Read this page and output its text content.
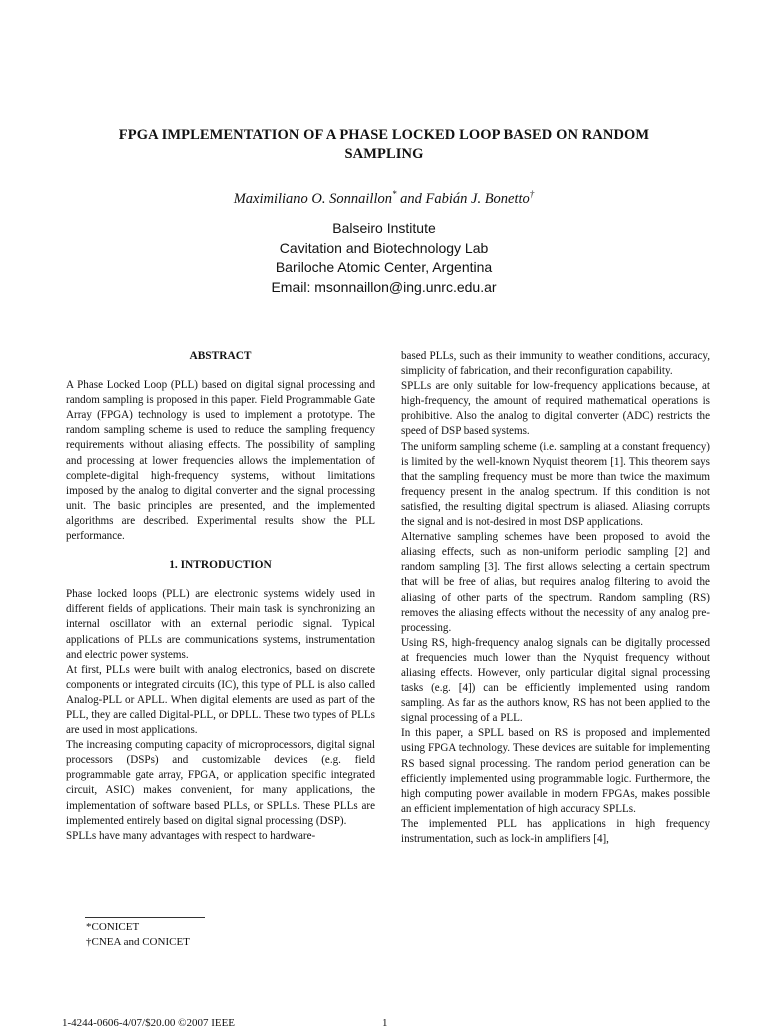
FPGA IMPLEMENTATION OF A PHASE LOCKED LOOP BASED ON RANDOM
SAMPLING
Maximiliano O. Sonnaillon* and Fabián J. Bonetto†
Balseiro Institute
Cavitation and Biotechnology Lab
Bariloche Atomic Center, Argentina
Email: msonnaillon@ing.unrc.edu.ar

ABSTRACT

A Phase Locked Loop (PLL) based on digital signal processing and random sampling is proposed in this paper. Field Programmable Gate Array (FPGA) technology is used to implement a prototype. The random sampling scheme is used to reduce the sampling frequency requirements without aliasing effects. The possibility of sampling and processing at lower frequencies allows the implementation of complete-digital high-frequency systems, without limitations imposed by the analog to digital converter and the signal processing unit. The basic principles are presented, and the implemented algorithms are described. Experimental results show the PLL performance.

1. INTRODUCTION

Phase locked loops (PLL) are electronic systems widely used in different fields of applications. Their main task is synchronizing an internal oscillator with an external periodic signal. Typical applications of PLLs are communications systems, instrumentation and electric power systems.

At first, PLLs were built with analog electronics, based on discrete components or integrated circuits (IC), this type of PLL is also called Analog-PLL or APLL. When digital elements are used as part of the PLL, they are called Digital-PLL, or DPLL. These two types of PLLs are used in most applications.

The increasing computing capacity of microprocessors, digital signal processors (DSPs) and customizable devices (e.g. field programmable gate array, FPGA, or application specific integrated circuit, ASIC) makes convenient, for many applications, the implementation of software based PLLs, or SPLLs. These PLLs are implemented entirely based on digital signal processing (DSP).

SPLLs have many advantages with respect to hardware-

based PLLs, such as their immunity to weather conditions, accuracy, simplicity of fabrication, and their reconfiguration capability.

SPLLs are only suitable for low-frequency applications because, at high-frequency, the amount of required mathematical operations is prohibitive. Also the analog to digital converter (ADC) restricts the speed of DSP based systems.

The uniform sampling scheme (i.e. sampling at a constant frequency) is limited by the well-known Nyquist theorem [1]. This theorem says that the sampling frequency must be more than twice the maximum frequency present in the analog spectrum. If this condition is not satisfied, the resulting digital spectrum is aliased. Aliasing corrupts the signal and is not-desired in most DSP applications.

Alternative sampling schemes have been proposed to avoid the aliasing effects, such as non-uniform periodic sampling [2] and random sampling [3]. The first allows selecting a certain spectrum that will be free of alias, but requires analog filtering to avoid the aliasing of other parts of the spectrum. Random sampling (RS) removes the aliasing effects without the necessity of any analog pre-processing.

Using RS, high-frequency analog signals can be digitally processed at frequencies much lower than the Nyquist frequency without aliasing effects. However, only particular digital signal processing tasks (e.g. [4]) can be efficiently implemented using random sampling. As far as the authors know, RS has not been applied to the signal processing of a PLL.

In this paper, a SPLL based on RS is proposed and implemented using FPGA technology. These devices are suitable for implementing RS based signal processing. The random period generation can be efficiently implemented using programmable logic. Furthermore, the high computing power available in modern FPGAs, makes possible an efficient implementation of high accuracy SPLLs.

The implemented PLL has applications in high frequency instrumentation, such as lock-in amplifiers [4],

*CONICET
†CNEA and CONICET
1-4244-0606-4/07/$20.00 ©2007 IEEE	1
